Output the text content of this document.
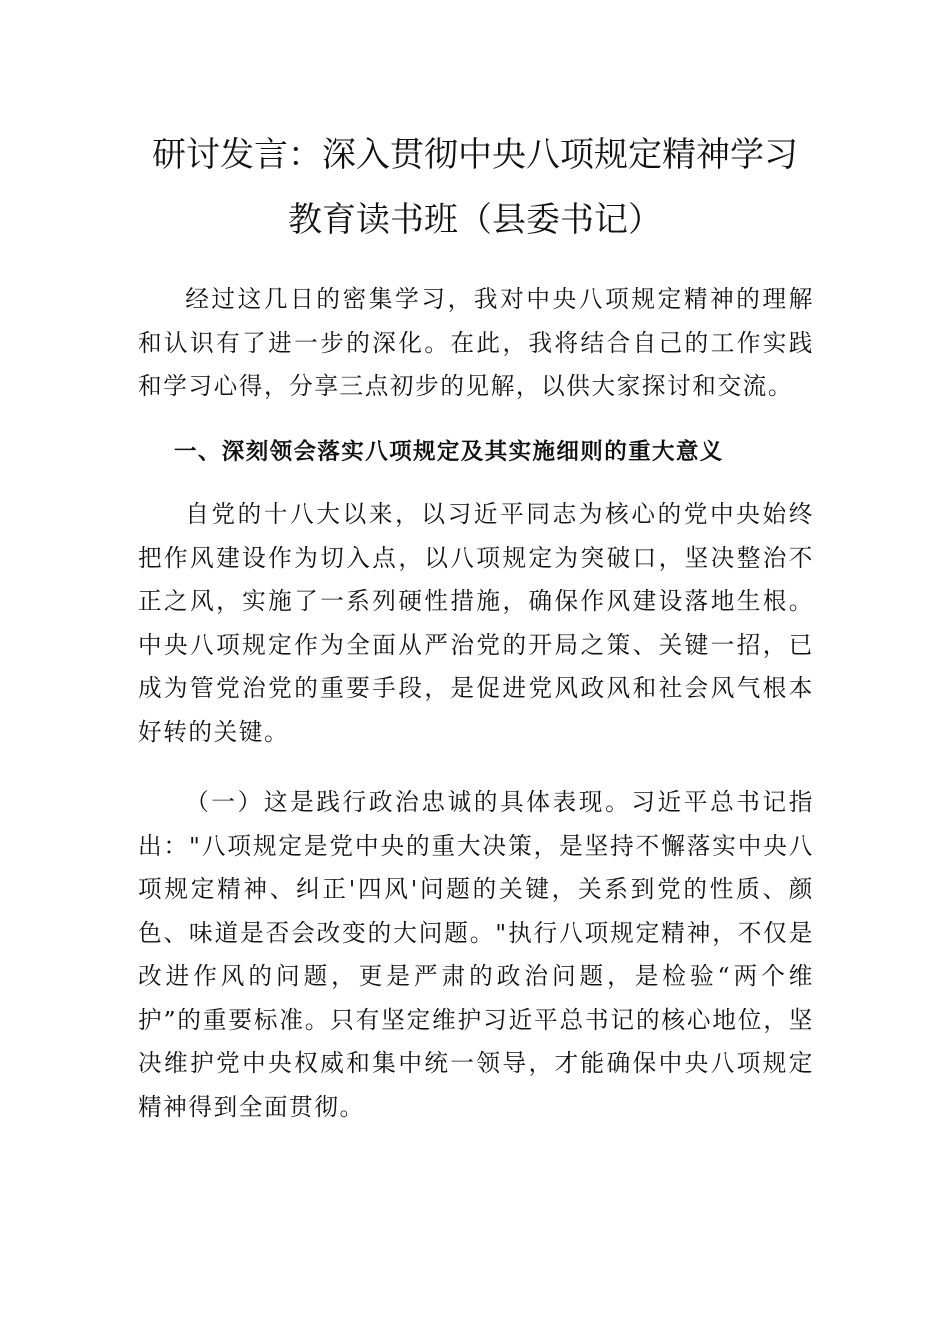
研讨发言：深入贯彻中央八项规定精神学习
教育读书班（县委书记）

经过这几日的密集学习，我对中央八项规定精神的理解和认识有了进一步的深化。在此，我将结合自己的工作实践和学习心得，分享三点初步的见解，以供大家探讨和交流。

一、深刻领会落实八项规定及其实施细则的重大意义

自党的十八大以来，以习近平同志为核心的党中央始终把作风建设作为切入点，以八项规定为突破口，坚决整治不正之风，实施了一系列硬性措施，确保作风建设落地生根。中央八项规定作为全面从严治党的开局之策、关键一招，已成为管党治党的重要手段，是促进党风政风和社会风气根本好转的关键。

（一）这是践行政治忠诚的具体表现。习近平总书记指出："八项规定是党中央的重大决策，是坚持不懈落实中央八项规定精神、纠正'四风'问题的关键，关系到党的性质、颜色、味道是否会改变的大问题。"执行八项规定精神，不仅是改进作风的问题，更是严肃的政治问题，是检验“两个维护”的重要标准。只有坚定维护习近平总书记的核心地位，坚决维护党中央权威和集中统一领导，才能确保中央八项规定精神得到全面贯彻。
